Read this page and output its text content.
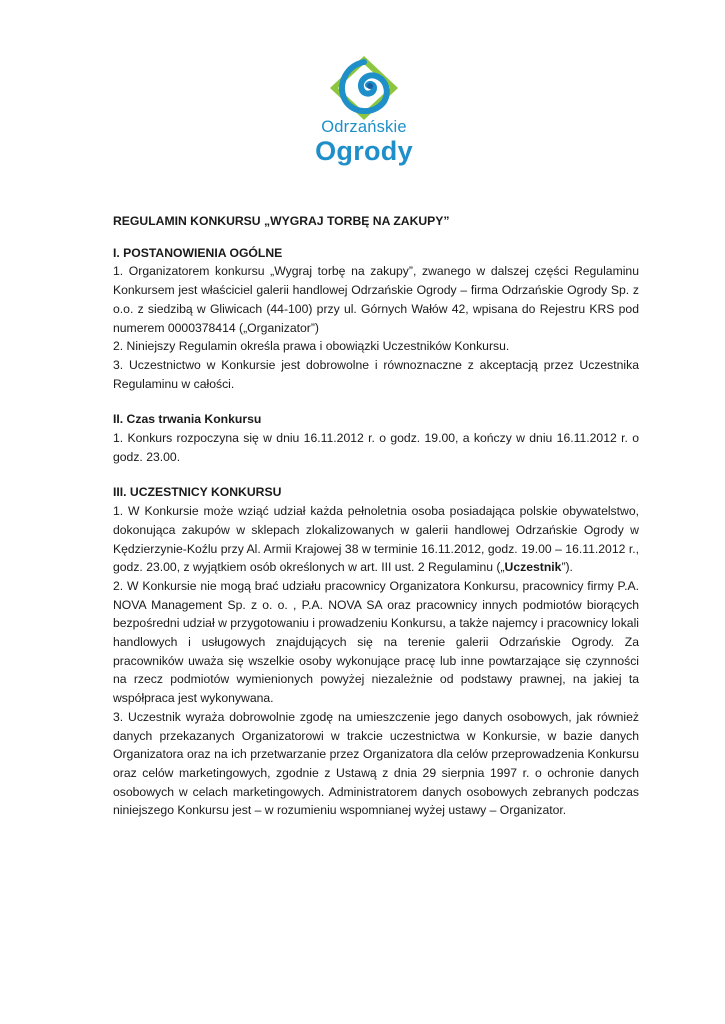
Odrzańskie
Ogrody
REGULAMIN KONKURSU „WYGRAJ TORBĘ NA ZAKUPY”
I. POSTANOWIENIA OGÓLNE
1. Organizatorem konkursu „Wygraj torbę na zakupy”, zwanego w dalszej części Regulaminu Konkursem jest właściciel galerii handlowej Odrzańskie Ogrody – firma Odrzańskie Ogrody Sp. z o.o. z siedzibą w Gliwicach (44-100) przy ul. Górnych Wałów 42, wpisana do Rejestru KRS pod numerem 0000378414 („Organizator”)
2. Niniejszy Regulamin określa prawa i obowiązki Uczestników Konkursu.
3. Uczestnictwo w Konkursie jest dobrowolne i równoznaczne z akceptacją przez Uczestnika Regulaminu w całości.
II. Czas trwania Konkursu
1. Konkurs rozpoczyna się w dniu 16.11.2012 r. o godz. 19.00, a kończy w dniu 16.11.2012 r. o godz. 23.00.
III. UCZESTNICY KONKURSU
1. W Konkursie może wziąć udział każda pełnoletnia osoba posiadająca polskie obywatelstwo, dokonująca zakupów w sklepach zlokalizowanych w galerii handlowej Odrzańskie Ogrody w Kędzierzynie-Koźlu przy Al. Armii Krajowej 38 w terminie 16.11.2012, godz. 19.00 – 16.11.2012 r., godz. 23.00, z wyjątkiem osób określonych w art. III ust. 2 Regulaminu („Uczestnik”).
2. W Konkursie nie mogą brać udziału pracownicy Organizatora Konkursu, pracownicy firmy P.A. NOVA Management Sp. z o. o. , P.A. NOVA SA oraz pracownicy innych podmiotów biorących bezpośredni udział w przygotowaniu i prowadzeniu Konkursu, a także najemcy i pracownicy lokali handlowych i usługowych znajdujących się na terenie galerii Odrzańskie Ogrody. Za pracowników uważa się wszelkie osoby wykonujące pracę lub inne powtarzające się czynności na rzecz podmiotów wymienionych powyżej niezależnie od podstawy prawnej, na jakiej ta współpraca jest wykonywana.
3. Uczestnik wyraża dobrowolnie zgodę na umieszczenie jego danych osobowych, jak również danych przekazanych Organizatorowi w trakcie uczestnictwa w Konkursie, w bazie danych Organizatora oraz na ich przetwarzanie przez Organizatora dla celów przeprowadzenia Konkursu oraz celów marketingowych, zgodnie z Ustawą z dnia 29 sierpnia 1997 r. o ochronie danych osobowych w celach marketingowych. Administratorem danych osobowych zebranych podczas niniejszego Konkursu jest – w rozumieniu wspomnianej wyżej ustawy – Organizator.
